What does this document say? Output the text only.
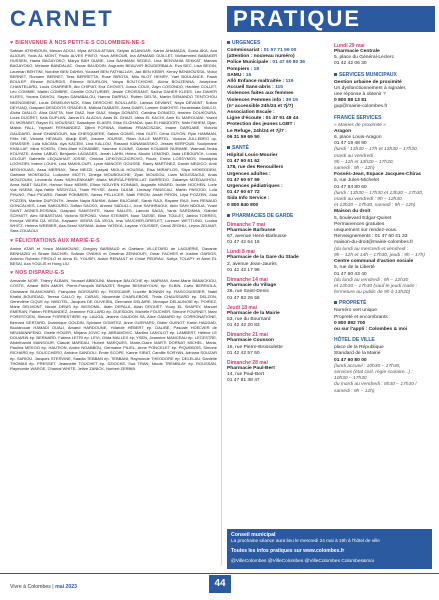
CARNET	PRATIQUE

♥ BIENVENUE À NOS PETIT-E-S COLOMBIEN-NE-S

Safwan ATKHBOUN, Menan ADOU, Myra AFOULATSAN, Selyan AGANGAR, Karim AHAMADA, Sonia AKA, Ava ALIOUR, Yoda AL MONT, Paolo ALVES PINTO, Yuva ARKOUB, Ina ARMAND GUILLET, Mohammed BABAKER HUSSEN, Hawa BAGAYOKO, Marya BAH DIANE, Lina BAHMANI SEDEG, Lina BENYAHIA SEKKAT, Mariam BAGAYOKO, Melanie BANDALAC, Oscar BAUDOIN, Augustin BEAUVIR BOUDERBALA, Eva BEC, Lisa BEGIN, Laurelan BEHTINI, Nordine BEN DAHMI, Youssef BEN FATHALLAH, Jad BEN KEBIR, Kenzy BENMOUSSA, Victor BERNET, Romane BERNET, Tess BERRETTA, Rose BIROTA, Milo BLOT HENRY, Yael BOULANCE, Faiah BOULEP, Ethane BOURDIS, Étienne BOURLON, Yahya BOUTCHICHE, Aïcha BOUZENNA, Joséphine CHANTELARD, Louis CHARRIER, Abi CHIPIAT, Eva CHOVET, Jonna COUX, Zayn COSONDO, Hadrien COLLET, Léo COMMIE, Martin COMBRE, Camille COUTURIER, Jessie CROISSANT, Sacha DAHER KLEES, Léo DAHER KLEES, Yousra DAHOU, Sayan DANABALOU, Hanna DARRAJ, Ruben DELTA, Martin DEMANDO TENTCHOU NKENGMENE, Louis DEMEUNYNCK, Elias DEROCHE BOULLARD, Larissa DEVAINT, Naya DEVAINT, Soltan DEYUAQ, Gaspard DESDOITS GRADELS, Malicia DIABATE, Anna DIABY, Lamine DIAKHITE, Houleimata DIALLO, Aïcha DIALLO, Aïna DIATTA, Noé DIAZ, Noé DIAZ, Moïga DONATO, Catalina DONATO, Ibrahim DOUKOURA, Louis DUCRET, Kaïs DUPLAN, Janna EL ALAOUI, Anas EL GHAZI, Idriss EL KACHI, Amir EL MAROUANI, Yazed EL MORABIT, Rayan EL MOUSSAT, Salsabyne ELASRI, Elise ELGHADA, Iyad ELHAIDDORY, Nahi FAHEM, Djae-Malick FALL, Yaynaël FERNANDEZ, Djibril FOFANA, Mathias FRANCISZAK, Imane GARDABE, Victoria GAUDARD, Anaé GHANDOUR, Isla GHESQUIERE, Salma GOMIS, Hilal GUITI, Céna GUYON, Rym HAMMAN, Félix HE, Victoria HEVAUD, Aliadji IDIR, Josiane JOUSSE, Ritan JULLE MARTEL, Victoria JULLEBRO op. GRASSER, Lola KACIMA, Aya KACEM, Lina KALLOU, Rassoul KANANASSKO, Jessim KERFOUB, Soulymane KHALLAF, Mina KOKEN, Chris-Mael KOKAMBE, Yasmine KOUNE, Gabriel KOUAMS NURAME, Wamadi-Tenka KOUYATE, Amine LABUD, Benjamin LAGAGES, Jenah LAHN, Héléa, Moulin LEMOND, Jada LEBOURCK, Lucas LELOUP, Gabrielle LEQUAHAIT JOSSE, Ornicka LIFKOVICZIGROVO, Rouix, Ernne LOSSYMOS, Mustapha LOGHZIRI, Imène LOUHI, Leia MAKHLOUFI, Lysm MANCER GOUSSE, Ramy MARTINEZ, Daniel MEDICO, Amir MEGHOUAG, Assa MERRAX, Taha MEZZI, Lazyali MIGLIA HOUSSA, Elsa MIRAFLOS, Sliya MOKEDDEM, Gaétane MONTAIGU, Ludovine MOTTI, Dinéga MOUBOUCHE, Zyan MOUDOU, Liam MOUSSAOUI, Anas MOUZOUNI, Léonardo Anas MÜHLENKAMP, Maria MURGA-PERRILLAT GARREDO, Zakariya MZEDAGHOU, Anna NABT SALEH, Haroun Nour NEMRI, Elinor NGUYEN KONNAS, Augustin NIVARD, Isolde NOCHEN, Lorie Voir NSEMI, Aya-Yaëlle NSSIYGUI, Thiah PEYSE, Asma OULMI, Lindsay PANSCAU, Martin PASOOD, Lola PHUNG, Paul PICARD, Rafaël POMMIER, Yaniss PELLICER, Maël PIRON, Anaël PIRON, Lilya POZZEN, Zaia POZZEN, Martine DUPONTH, Jessim Nayla RAHIMI, Adam RAJOANE, Sarah RAJI, Rayane RAJI, Ines RENAUD GONCALVES, Léan SABOURO, Soltan SACKO, Ahmed SADULLI, June SAHHRAOUI, Aldo SAHI NDOUA, Yvani SAINT AGNES-ROSINIA, Gaspard SAKESHTE, Vaani SALLES, Lamoid SAGA, Yanis SARDINHA, Gabriel SCHMITT, Alec SEBASTIAN, Victoria SEPOND, Victor STEINER, Noor TAISSE, Elise TOULET, Janina TORRES, Kenzya VIEIRA DA VEGA, Kayaane VIEIRA DA VEGA, Ima VAUCHER-DRIELET, Lorenzo WETTLING, Louisa WHITZ, Helena WREBER, Aza-Sessi YAPANA, Adam YATEKA, Layane YOUSSEF, Camil ZEGHLI, Leyna ZELMAT, Sara ZOUAOUI

♥ FÉLICITATIONS AUX MARIÉ-E-S

Amine ATAR et Yosra AMAMOUNE, Grégory BARBAUD et Gaétane VILLETARD de LAGUÉRIE, Davante BENHAZID et Sinam BACHIRI, Sofwan OVAHIX et Omeima ZENNOUFI, Omar FACHES et Justine GARIGS, Antonio Roberto FRIOLO et Anna EL YOUSFI, Adam RENAULT et Chloé PEDRAU, Sofiya TOLAPY et Amel EL BESAI, Aza YOULIS et Hong LIU

♥ NOS DISPARU-E-S

Armande NOIR, Thierry ALBAIN, Youssef ABBOUNI, Monique BALOCHE ép. MARIANI, Anne-Marie BANACKIGU, COSTE, Ariane BEN AMOR, Pierre-François BENAZET, Regine BENHAYOUN, ép. ELBIN, Carlo BERRIOLA, Christiane BLANCHARD, Françoise BOISSARD ép. ROISCAMP, Lucette BONNIN ép. RASCOUISSIER, Nabil Khalid BOURDAD, Teresa CALLO ép. CARAS, Nicomède CHARLEBOIS, Thaïs CHAUSSARD ép. DELZON, Geneviève CIQUE ép. NIBOTEL, Jacques DE OLIVEIRA, Germaine DELAIRE, Monique DELAUNOIE ép. POIREZ, Marie DELMONT, Nicole DENIS ép. BISSOMIL, Alain DEPALA, Alain DROUET, Youry EL SHAFEY, Manuel EMERAN, Fabien FERNANDEZ, Jeannine FOLLARD ép. GUESDON, Michèle FOUCHER, Simone FOURNET, Marc FORESTOEN, Simone FORRESTIERE ép. LAUGA, Jeanne GAUDON SA, Alice GAMARD ép. CORRONATIGNE, Bernard GERTARD, Dominique GOLDIN, Sylviane GOMITEZ, Anne GUERARD, Didier GUINOT, Karim HADDAD, Boulanouar HAMADI OUALI, Amand HARDOUNE, Yolande HÉBERT ép. DALIBE, Pascale HOELVER de NEUMANNFEND, Gisèle HOUER, Mirjana JOVIC ép. ABRAMOVIC, Martine LANOLOT ép. LAMBERT, Hélène LE DOUARIN ép. BERNARD, Fatima LETRI ép. LEVI, Gilda MALLEX ép. YSEN, Jeannine MANCEAU ép. LECESTRE, Abdelhamid MANSOUR, Claude MAREAU, Hubert MARQUES, Marie-Claire MARTI DORNAT MICHEL, Maria, Paulina MEKOO ép. HAUTION, André NGABBOU, Germaine PILIEL, Anne PONCELET ép. PIQUEBOIS, Simone RICHARD ép. SOUCCHERO, Antoine SANDOLI, Émile SCOPE, Karine SIRAT, Camille SORYAN, Adriana SOUZAR ép. SARIOU, Jacques STERVINE, Saadia TEBBAN ép. TEBBANI, Raymonde THEODORE ép. DELELAU, Danielle THOMAS ép. PRESSET, Jeannette TOUCHET ép. SZIOCKE, Sud TRAN, Nicole TREMBLAY ép. ROUSSAN, Raymonde WAROE, Chantal WHITE, Jeltze ZANICK, Norbert ZERBIB

URGENCES

Commissariat : 01 57 71 59 00

(attention : nouveau numéro)

Police Municipale : 01 47 60 80 36

Pompiers : 18

SAMU : 15

Allô Enfance maltraitée : 119

Accueil Sans-abris : 115

Violences faites aux femmes

Violences Femmes info : 39 19

(n° accessible 24h/24 et 7j/7)

Association Escale :

Ligne d'écoute : 01 47 91 48 44

Protection des jeunes LGBT :

Le Refuge, 24h/24 et 7j/7 :

06 31 59 69 50

SANTÉ

Hôpital Louis-Mourier

01 47 60 61 62

178, rue des Renouillers

Urgences adultes :

01 47 60 67 59

Urgences pédiatriques :

01 47 60 67 72

Sida Info Service :

0 800 840 800

PHARMACIES DE GARDE

Dimanche 7 mai
Pharmacie Barbusse
67, avenue Henri-Barbusse
01 47 42 64 16
Lundi 8 mai
Pharmacie de la Gare du Stade
2, avenue Jean-Jaurès
01 42 42 17 98
Dimanche 14 mai
Pharmacie du Village
26, rue Saint-Denis
01 47 82 26 56
Jeudi 18 mai
Pharmacie de la Mairie
53, rue du Bournard
01 42 42 20 83
Dimanche 21 mai
Pharmacie Cousson
16, rue Pierre-Brossolette
01 42 42 57 50
Dimanche 28 mai
Pharmacie Paul-Bert
14, rue Paul-Bert
01 47 81 38 47
Lundi 29 mai
Pharmacie Centrale
5, place du Général-Leclerc
01 42 42 06 30

SERVICES MUNICIPAUX

Gestion urbaine de proximité

Un dysfonctionnement à signaler,

une réponse à obtenir ?

0 800 88 13 81

gup@mairie-colombes.fr

FRANCE SERVICES

« Mairies de proximité »

Aragon

6, place Louis-Aragon

01 47 19 48 90

(lundi : 13h30 – 17h et 13h30 – 17h30,

mardi au vendredi :

9h – 12h et 13h30 – 17h30,

samedi : 9h – 12h)

Fossés-Jean, Espace Jacques-Chirac

5, rue Jules-Michelet

01 47 84 80 60

(lundi : 13h30 – 17h30 et 13h30 – 17h30,

mardi au vendredi : 9h – 12h30

et 13h30 – 17h30, samedi : 9h – 12h)

Maison du droit

6, boulevard Edgar-Quinet

Permanences gratuites

uniquement sur rendez-vous.

Renseignements : 01 47 60 41 33

maison-du-droit@mairie-colombes.fr

(du lundi au mercredi et vendredi :

9h – 12h et 14h – 17h30, jeudi : 9h – 17h)

Centre communal d'action sociale

5, rue de la Liberté

01 47 60 43 40

(du lundi au vendredi : 9h – 12h30

et 13h30 – 17h30 (sauf le jeudi matin :

fermeture au public de 9h à 13h30)

PROPRETÉ

Numéro vert unique

Propreté et encombrants :

0 800 892 700

ou sur l'appli : Colombes & moi

HÔTEL DE VILLE

place de la République

Standard de la Mairie

01 47 60 80 00

(lundi accueil : 10h30 – 17h30,

services (état civil, régie scolaire...) :

10h30 – 17h30

du mardi au vendredi : 8h30 – 17h30 /

samedi : 9h – 12h)

Conseil municipal

La prochaine séance aura lieu le mercredi 24 mai à 19h à l'hôtel de ville

Toutes les infos pratiques sur www.colombes.fr

@VilleColombes @VilleColombes @VilleColombes Colombes&moi
Vivre à Colombes | mai 2023	44
